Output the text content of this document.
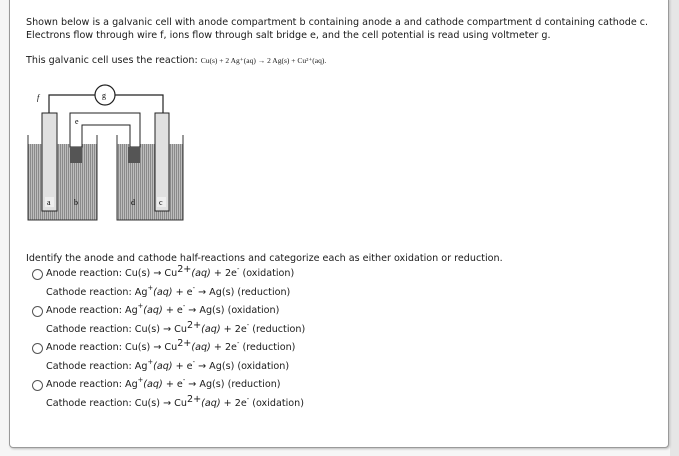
Shown below is a galvanic cell with anode compartment b containing anode a and cathode compartment d containing cathode c.
Electrons flow through wire f, ions flow through salt bridge e, and the cell potential is read using voltmeter g.
This galvanic cell uses the reaction: Cu(s) + 2 Ag⁺(aq) → 2 Ag(s) + Cu²⁺(aq).
g
f
e
a	b	d	c
Identify the anode and cathode half-reactions and categorize each as either oxidation or reduction.
Anode reaction: $Cu(s) \to Cu^{2+}(aq) + 2e^-$ (oxidation)
Cathode reaction: Ag+(aq) + e- → Ag(s) (reduction)
Anode reaction: Ag+(aq) + e- → Ag(s) (oxidation)
Cathode reaction: $Cu(s) \to Cu^{2+}(aq) + 2e^-$ (reduction)
Anode reaction: $Cu(s) \to Cu^{2+}(aq) + 2e^-$ (reduction)
Cathode reaction: Ag+(aq) + e- → Ag(s) (oxidation)
Anode reaction: Ag+(aq) + e- → Ag(s) (reduction)
Cathode reaction: $Cu(s) \to Cu^{2+}(aq) + 2e^-$ (oxidation)
